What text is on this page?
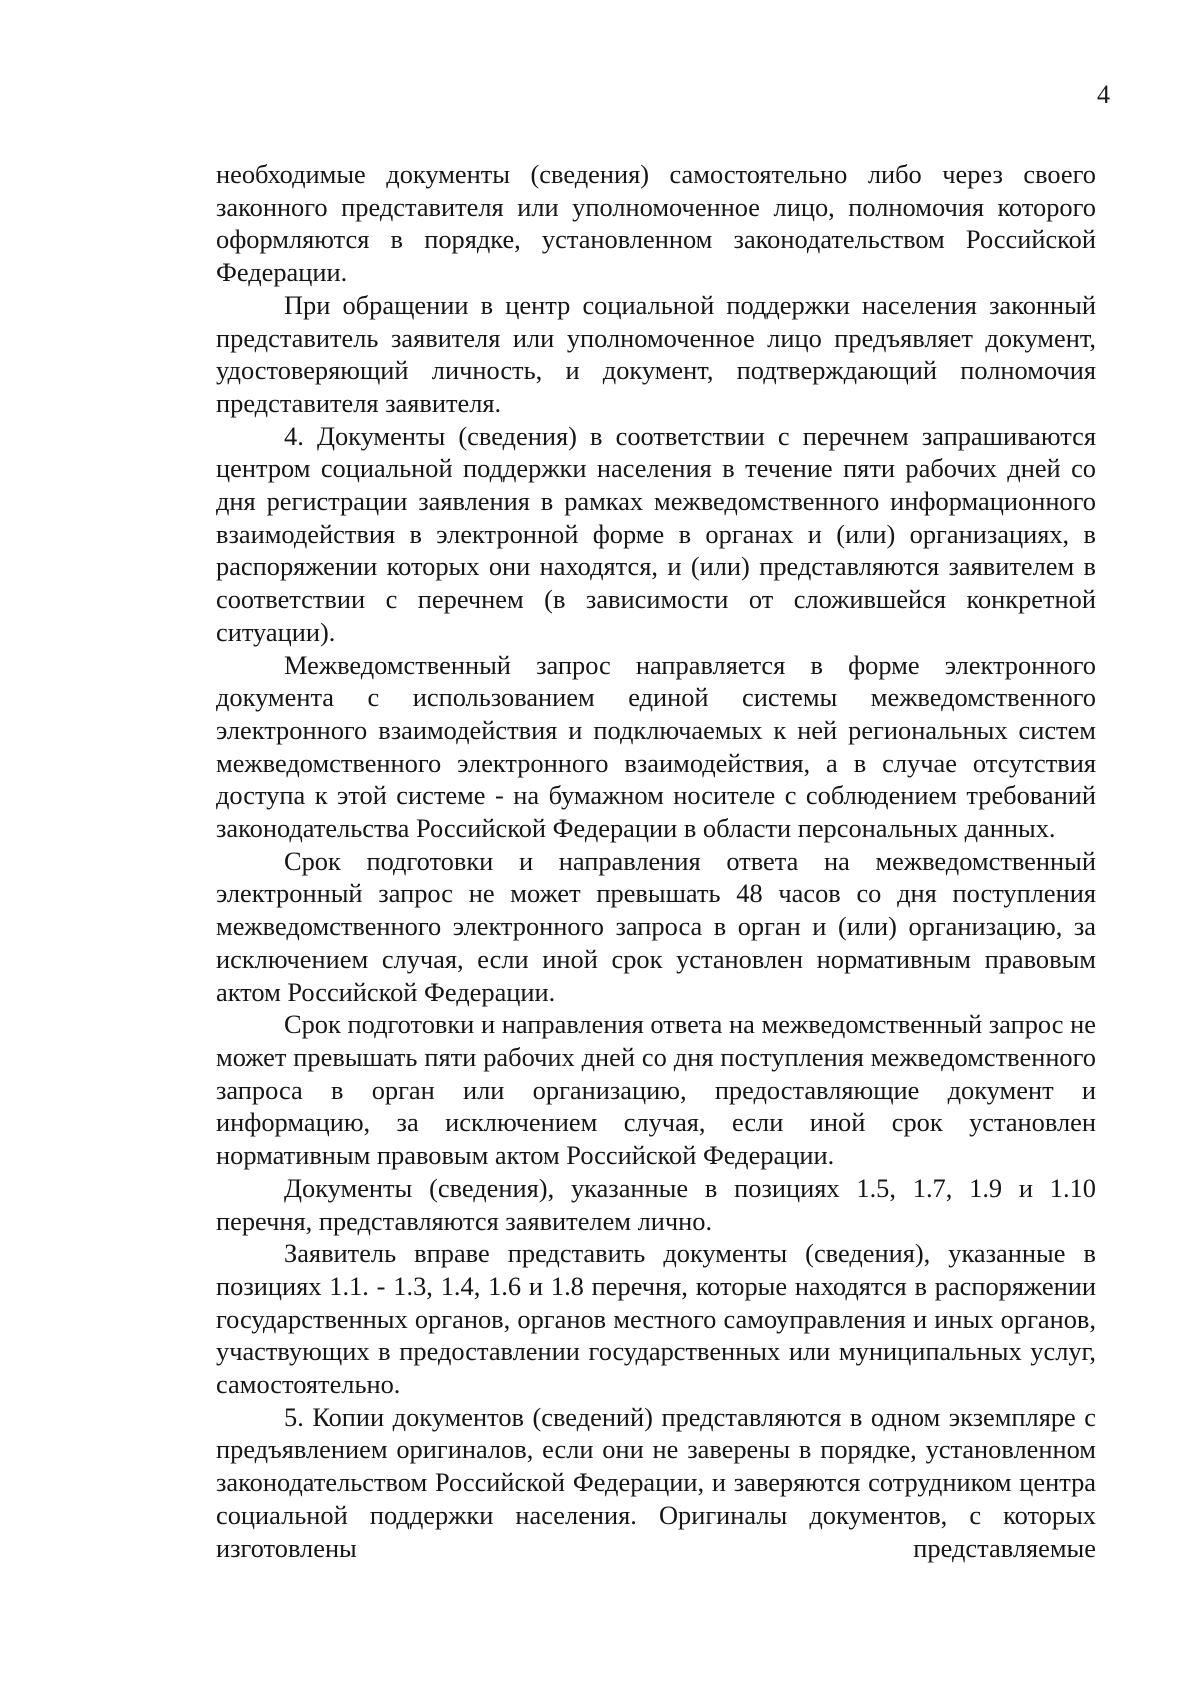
4

необходимые документы (сведения) самостоятельно либо через своего законного представителя или уполномоченное лицо, полномочия которого оформляются в порядке, установленном законодательством Российской Федерации.

При обращении в центр социальной поддержки населения законный представитель заявителя или уполномоченное лицо предъявляет документ, удостоверяющий личность, и документ, подтверждающий полномочия представителя заявителя.

4. Документы (сведения) в соответствии с перечнем запрашиваются центром социальной поддержки населения в течение пяти рабочих дней со дня регистрации заявления в рамках межведомственного информационного взаимодействия в электронной форме в органах и (или) организациях, в распоряжении которых они находятся, и (или) представляются заявителем в соответствии с перечнем (в зависимости от сложившейся конкретной ситуации).

Межведомственный запрос направляется в форме электронного документа с использованием единой системы межведомственного электронного взаимодействия и подключаемых к ней региональных систем межведомственного электронного взаимодействия, а в случае отсутствия доступа к этой системе - на бумажном носителе с соблюдением требований законодательства Российской Федерации в области персональных данных.

Срок подготовки и направления ответа на межведомственный электронный запрос не может превышать 48 часов со дня поступления межведомственного электронного запроса в орган и (или) организацию, за исключением случая, если иной срок установлен нормативным правовым актом Российской Федерации.

Срок подготовки и направления ответа на межведомственный запрос не может превышать пяти рабочих дней со дня поступления межведомственного запроса в орган или организацию, предоставляющие документ и информацию, за исключением случая, если иной срок установлен нормативным правовым актом Российской Федерации.

Документы (сведения), указанные в позициях 1.5, 1.7, 1.9 и 1.10 перечня, представляются заявителем лично.

Заявитель вправе представить документы (сведения), указанные в позициях 1.1. - 1.3, 1.4, 1.6 и 1.8 перечня, которые находятся в распоряжении государственных органов, органов местного самоуправления и иных органов, участвующих в предоставлении государственных или муниципальных услуг, самостоятельно.

5. Копии документов (сведений) представляются в одном экземпляре с предъявлением оригиналов, если они не заверены в порядке, установленном законодательством Российской Федерации, и заверяются сотрудником центра социальной поддержки населения. Оригиналы документов, с которых изготовлены представляемые
